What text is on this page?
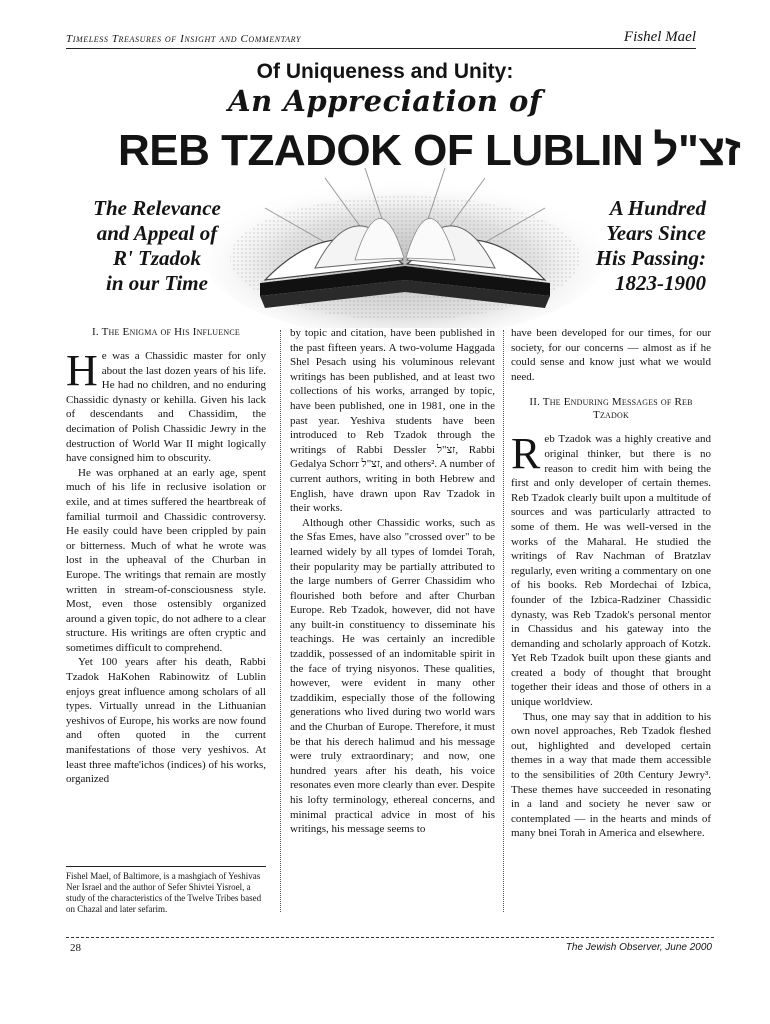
Timeless Treasures of Insight and Commentary	Fishel Mael
Of Uniqueness and Unity:
An Appreciation of
REB TZADOK OF LUBLIN זצ"ל
The Relevance
and Appeal of
R' Tzadok
in our Time
A Hundred
Years Since
His Passing:
1823-1900
I. The Enigma of His Influence

He was a Chassidic master for only about the last dozen years of his life. He had no children, and no enduring Chassidic dynasty or kehilla. Given his lack of descendants and Chassidim, the decimation of Polish Chassidic Jewry in the destruction of World War II might logically have consigned him to obscurity.

He was orphaned at an early age, spent much of his life in reclusive isolation or exile, and at times suffered the heartbreak of familial turmoil and Chassidic controversy. He easily could have been crippled by pain or bitterness. Much of what he wrote was lost in the upheaval of the Churban in Europe. The writings that remain are mostly written in stream-of-consciousness style. Most, even those ostensibly organized around a given topic, do not adhere to a clear structure. His writings are often cryptic and sometimes difficult to comprehend.

Yet 100 years after his death, Rabbi Tzadok HaKohen Rabinowitz of Lublin enjoys great influence among scholars of all types. Virtually unread in the Lithuanian yeshivos of Europe, his works are now found and often quoted in the current manifestations of those very yeshivos. At least three mafte'ichos (indices) of his works, organized

Fishel Mael, of Baltimore, is a mashgiach of Yeshivas Ner Israel and the author of Sefer Shivtei Yisroel, a study of the characteristics of the Twelve Tribes based on Chazal and later sefarim.

by topic and citation, have been published in the past fifteen years. A two-volume Haggada Shel Pesach using his voluminous relevant writings has been published, and at least two collections of his works, arranged by topic, have been published, one in 1981, one in the past year. Yeshiva students have been introduced to Reb Tzadok through the writings of Rabbi Dessler זצ"ל, Rabbi Gedalya Schorr זצ"ל, and others². A number of current authors, writing in both Hebrew and English, have drawn upon Rav Tzadok in their works.

Although other Chassidic works, such as the Sfas Emes, have also "crossed over" to be learned widely by all types of lomdei Torah, their popularity may be partially attributed to the large numbers of Gerrer Chassidim who flourished both before and after Churban Europe. Reb Tzadok, however, did not have any built-in constituency to disseminate his teachings. He was certainly an incredible tzaddik, possessed of an indomitable spirit in the face of trying nisyonos. These qualities, however, were evident in many other tzaddikim, especially those of the following generations who lived during two world wars and the Churban of Europe. Therefore, it must be that his derech halimud and his message were truly extraordinary; and now, one hundred years after his death, his voice resonates even more clearly than ever. Despite his lofty terminology, ethereal concerns, and minimal practical advice in most of his writings, his message seems to

have been developed for our times, for our society, for our concerns — almost as if he could sense and know just what we would need.

II. The Enduring Messages of Reb Tzadok

Reb Tzadok was a highly creative and original thinker, but there is no reason to credit him with being the first and only developer of certain themes. Reb Tzadok clearly built upon a multitude of sources and was particularly attracted to some of them. He was well-versed in the works of the Maharal. He studied the writings of Rav Nachman of Bratzlav regularly, even writing a commentary on one of his books. Reb Mordechai of Izbica, founder of the Izbica-Radziner Chassidic dynasty, was Reb Tzadok's personal mentor in Chassidus and his gateway into the demanding and scholarly approach of Kotzk. Yet Reb Tzadok built upon these giants and created a body of thought that brought together their ideas and those of others in a unique worldview.

Thus, one may say that in addition to his own novel approaches, Reb Tzadok fleshed out, highlighted and developed certain themes in a way that made them accessible to the sensibilities of 20th Century Jewry³. These themes have succeeded in resonating in a land and society he never saw or contemplated — in the hearts and minds of many bnei Torah in America and elsewhere.

28	The Jewish Observer, June 2000
